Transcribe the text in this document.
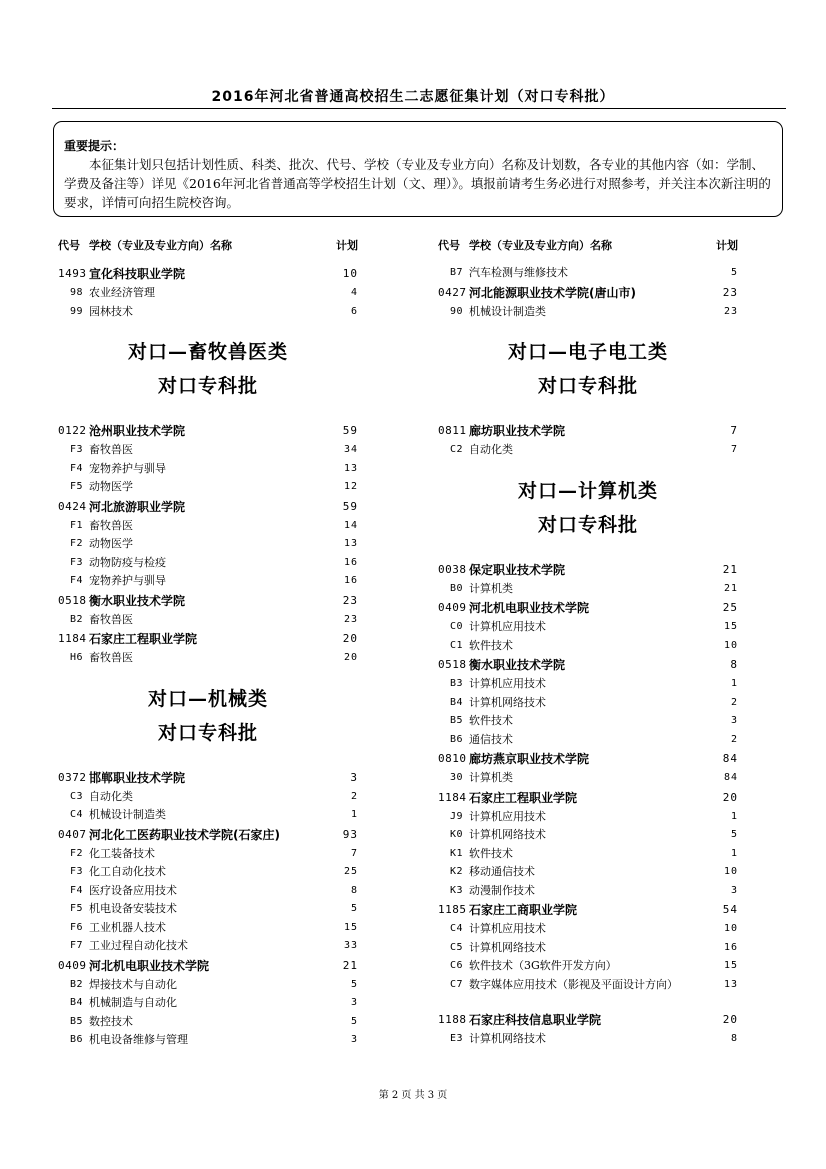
2016年河北省普通高校招生二志愿征集计划（对口专科批）
重要提示：
本征集计划只包括计划性质、科类、批次、代号、学校（专业及专业方向）名称及计划数，各专业的其他内容（如：学制、学费及备注等）详见《2016年河北省普通高等学校招生计划（文、理）》。填报前请考生务必进行对照参考，并关注本次新注明的要求，详情可向招生院校咨询。
代号 学校（专业及专业方向）名称	计划
1493 宣化科技职业学院	10
98 农业经济管理	4
99 园林技术	6
对口—畜牧兽医类
对口专科批
0122 沧州职业技术学院	59
F3 畜牧兽医	34
F4 宠物养护与驯导	13
F5 动物医学	12
0424 河北旅游职业学院	59
F1 畜牧兽医	14
F2 动物医学	13
F3 动物防疫与检疫	16
F4 宠物养护与驯导	16
0518 衡水职业技术学院	23
B2 畜牧兽医	23
1184 石家庄工程职业学院	20
H6 畜牧兽医	20
对口—机械类
对口专科批
0372 邯郸职业技术学院	3
C3 自动化类	2
C4 机械设计制造类	1
0407 河北化工医药职业技术学院(石家庄)	93
F2 化工装备技术	7
F3 化工自动化技术	25
F4 医疗设备应用技术	8
F5 机电设备安装技术	5
F6 工业机器人技术	15
F7 工业过程自动化技术	33
0409 河北机电职业技术学院	21
B2 焊接技术与自动化	5
B4 机械制造与自动化	3
B5 数控技术	5
B6 机电设备维修与管理	3
代号 学校（专业及专业方向）名称	计划
B7 汽车检测与维修技术	5
0427 河北能源职业技术学院(唐山市)	23
90 机械设计制造类	23
对口—电子电工类
对口专科批
0811 廊坊职业技术学院	7
C2 自动化类	7
对口—计算机类
对口专科批
0038 保定职业技术学院	21
B0 计算机类	21
0409 河北机电职业技术学院	25
C0 计算机应用技术	15
C1 软件技术	10
0518 衡水职业技术学院	8
B3 计算机应用技术	1
B4 计算机网络技术	2
B5 软件技术	3
B6 通信技术	2
0810 廊坊燕京职业技术学院	84
30 计算机类	84
1184 石家庄工程职业学院	20
J9 计算机应用技术	1
K0 计算机网络技术	5
K1 软件技术	1
K2 移动通信技术	10
K3 动漫制作技术	3
1185 石家庄工商职业学院	54
C4 计算机应用技术	10
C5 计算机网络技术	16
C6 软件技术（3G软件开发方向）	15
C7 数字媒体应用技术（影视及平面设计方向）	13
1188 石家庄科技信息职业学院	20
E3 计算机网络技术	8
第 2 页 共 3 页
